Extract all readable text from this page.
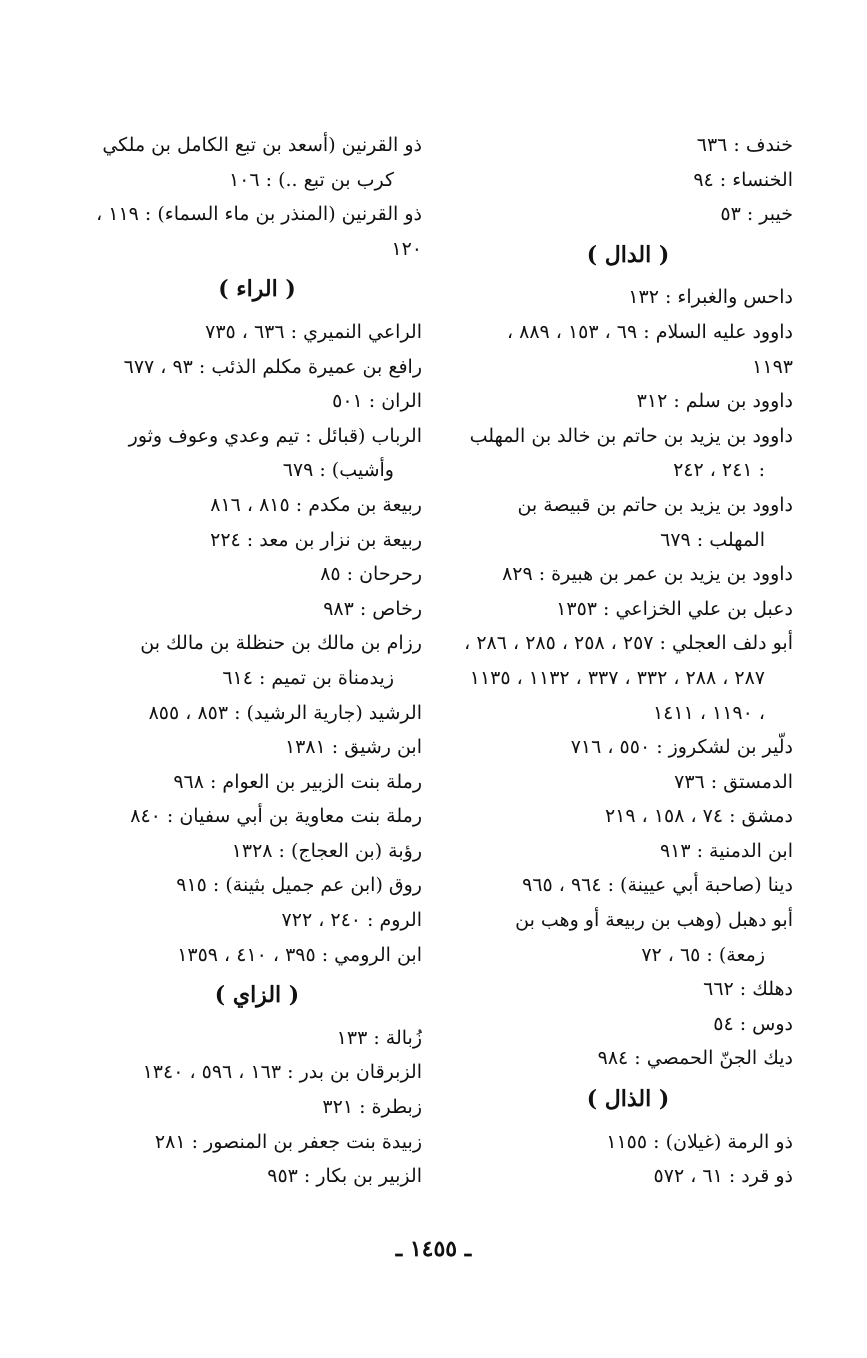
خندف : ٦٣٦

الخنساء : ٩٤

خيبر : ٥٣

( الدال )

داحس والغبراء : ١٣٢

داوود عليه السلام : ٦٩ ، ١٥٣ ، ٨٨٩ ، ١١٩٣

داوود بن سلم : ٣١٢

داوود بن يزيد بن حاتم بن خالد بن المهلب : ٢٤١ ، ٢٤٢

داوود بن يزيد بن حاتم بن قبيصة بن المهلب : ٦٧٩

داوود بن يزيد بن عمر بن هبيرة : ٨٢٩

دعبل بن علي الخزاعي : ١٣٥٣

أبو دلف العجلي : ٢٥٧ ، ٢٥٨ ، ٢٨٥ ، ٢٨٦ ، ٢٨٧ ، ٢٨٨ ، ٣٣٢ ، ٣٣٧ ، ١١٣٢ ، ١١٣٥ ، ١١٩٠ ، ١٤١١

دلّير بن لشكروز : ٥٥٠ ، ٧١٦

الدمستق : ٧٣٦

دمشق : ٧٤ ، ١٥٨ ، ٢١٩

ابن الدمنية : ٩١٣

دينا (صاحبة أبي عيينة) : ٩٦٤ ، ٩٦٥

أبو دهبل (وهب بن ربيعة أو وهب بن زمعة) : ٦٥ ، ٧٢

دهلك : ٦٦٢

دوس : ٥٤

ديك الجنّ الحمصي : ٩٨٤

( الذال )

ذو الرمة (غيلان) : ١١٥٥

ذو قرد : ٦١ ، ٥٧٢

ذو القرنين (أسعد بن تبع الكامل بن ملكي كرب بن تبع ..) : ١٠٦

ذو القرنين (المنذر بن ماء السماء) : ١١٩ ، ١٢٠

( الراء )

الراعي النميري : ٦٣٦ ، ٧٣٥

رافع بن عميرة مكلم الذئب : ٩٣ ، ٦٧٧

الران : ٥٠١

الرباب (قبائل : تيم وعدي وعوف وثور وأشيب) : ٦٧٩

ربيعة بن مكدم : ٨١٥ ، ٨١٦

ربيعة بن نزار بن معد : ٢٢٤

رحرحان : ٨٥

رخاص : ٩٨٣

رزام بن مالك بن حنظلة بن مالك بن زيدمناة بن تميم : ٦١٤

الرشيد (جارية الرشيد) : ٨٥٣ ، ٨٥٥

ابن رشيق : ١٣٨١

رملة بنت الزبير بن العوام : ٩٦٨

رملة بنت معاوية بن أبي سفيان : ٨٤٠

رؤبة (بن العجاج) : ١٣٢٨

روق (ابن عم جميل بثينة) : ٩١٥

الروم : ٢٤٠ ، ٧٢٢

ابن الرومي : ٣٩٥ ، ٤١٠ ، ١٣٥٩

( الزاي )

زُبالة : ١٣٣

الزبرقان بن بدر : ١٦٣ ، ٥٩٦ ، ١٣٤٠

زبطرة : ٣٢١

زبيدة بنت جعفر بن المنصور : ٢٨١

الزبير بن بكار : ٩٥٣

ـ ١٤٥٥ ـ
